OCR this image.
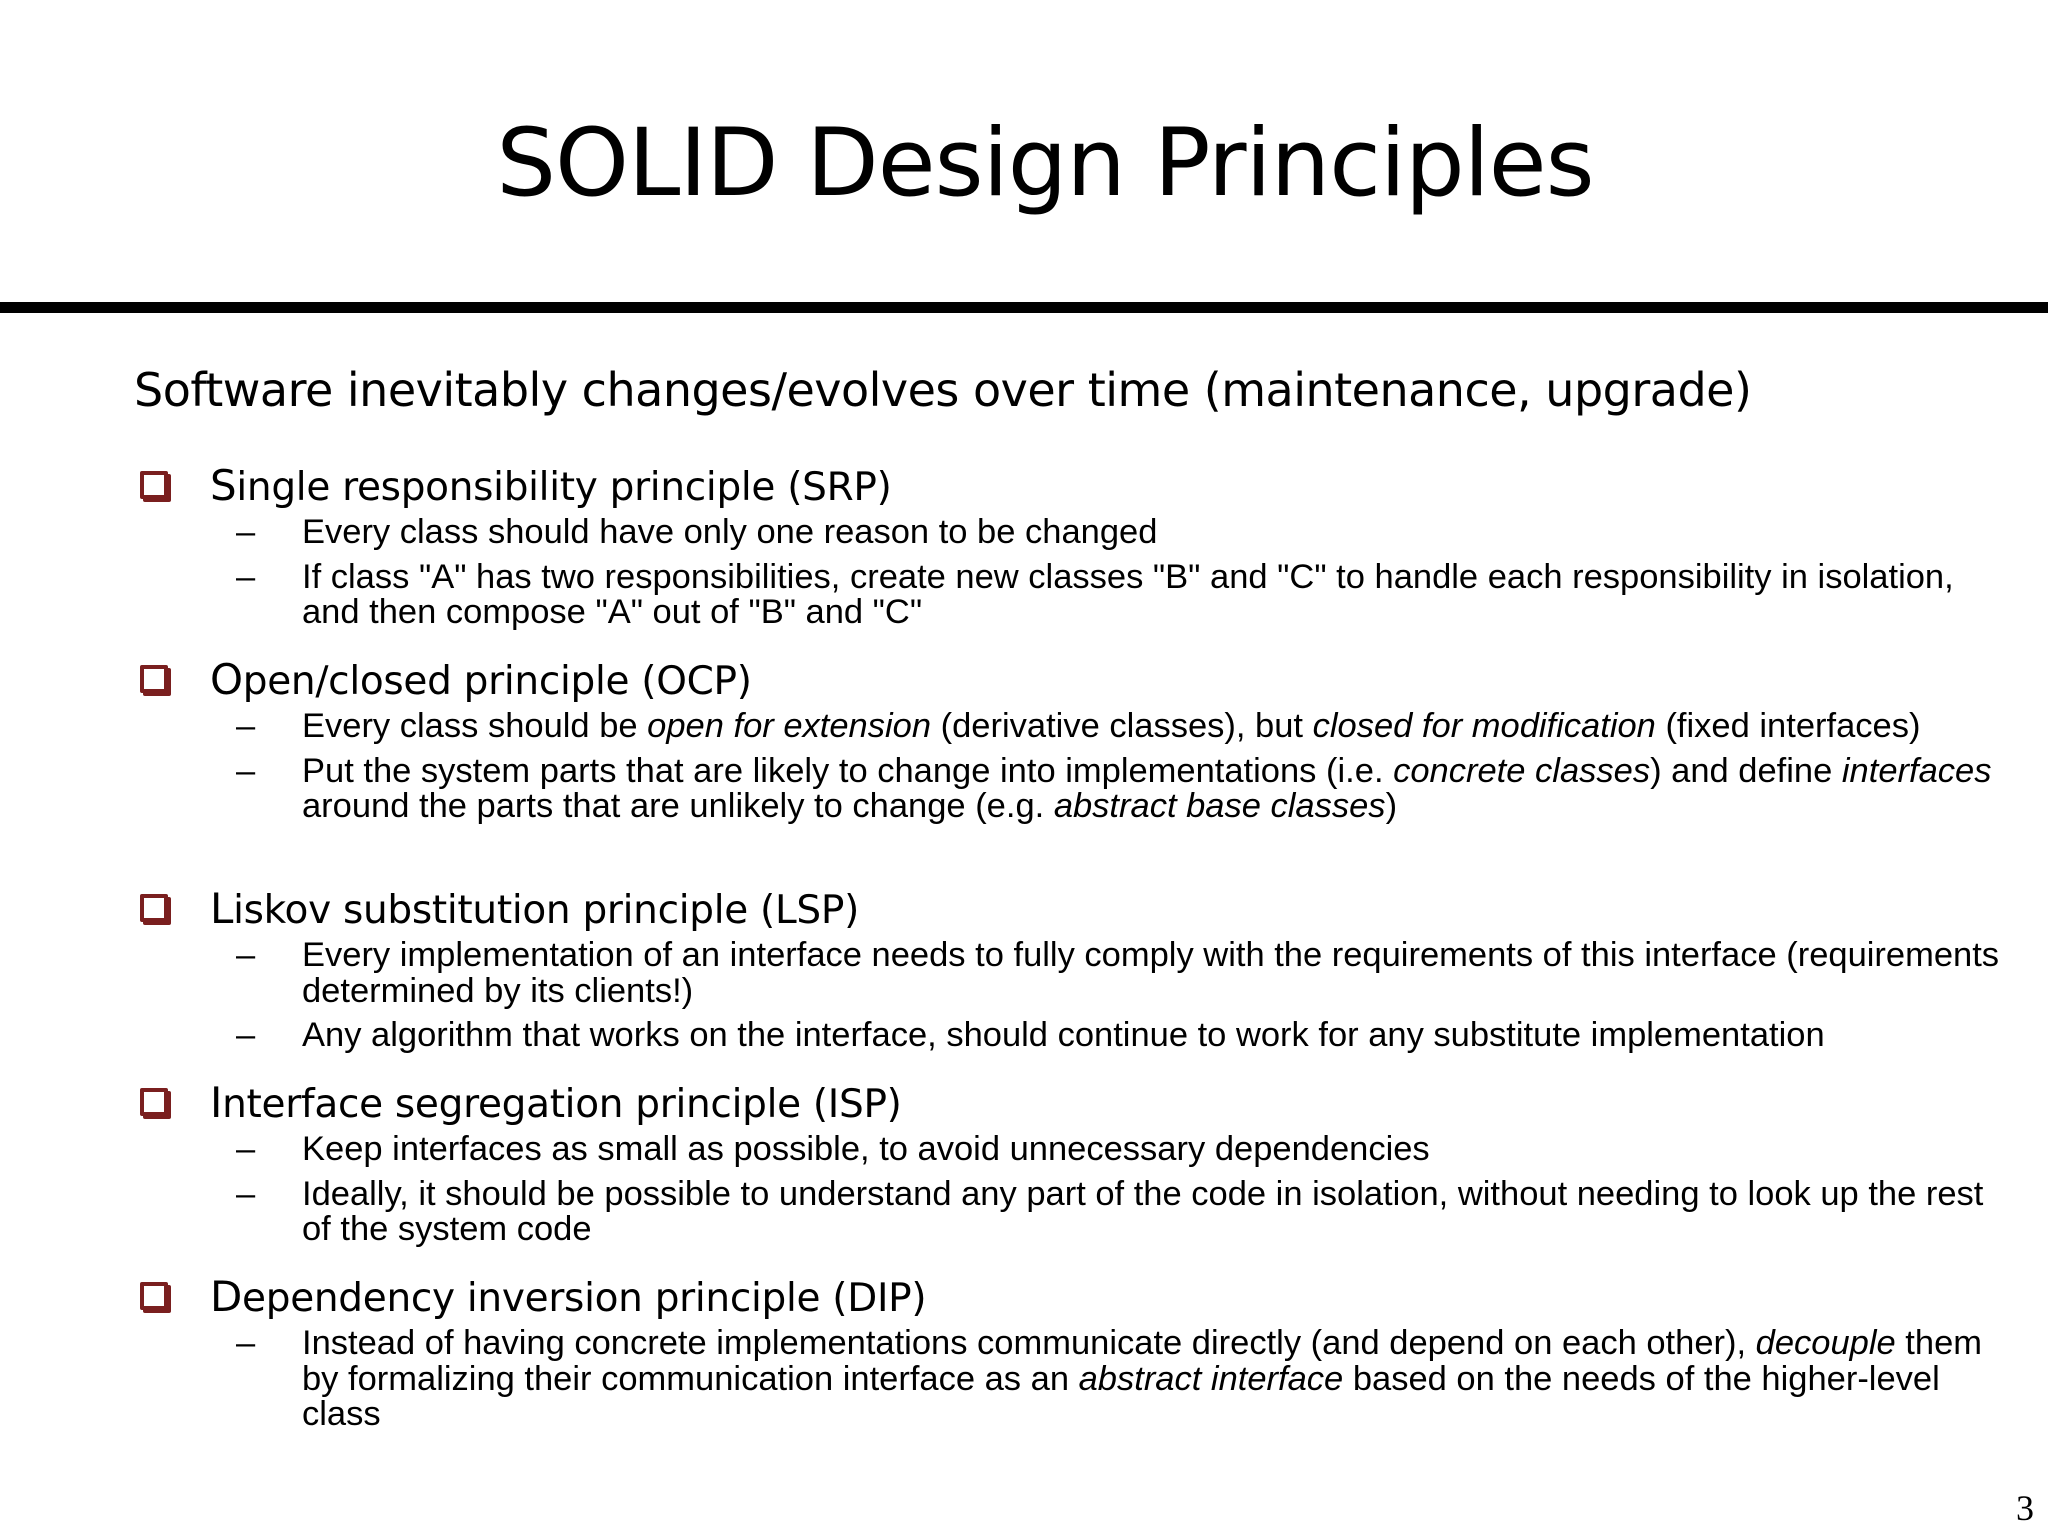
SOLID Design Principles
Software inevitably changes/evolves over time (maintenance, upgrade)
Single responsibility principle (SRP)
– Every class should have only one reason to be changed
– If class "A" has two responsibilities, create new classes "B" and "C" to handle each responsibility in isolation, and then compose "A" out of "B" and "C"
Open/closed principle (OCP)
– Every class should be open for extension (derivative classes), but closed for modification (fixed interfaces)
– Put the system parts that are likely to change into implementations (i.e. concrete classes) and define interfaces around the parts that are unlikely to change (e.g. abstract base classes)
Liskov substitution principle (LSP)
– Every implementation of an interface needs to fully comply with the requirements of this interface (requirements determined by its clients!)
– Any algorithm that works on the interface, should continue to work for any substitute implementation
Interface segregation principle (ISP)
– Keep interfaces as small as possible, to avoid unnecessary dependencies
– Ideally, it should be possible to understand any part of the code in isolation, without needing to look up the rest of the system code
Dependency inversion principle (DIP)
– Instead of having concrete implementations communicate directly (and depend on each other), decouple them by formalizing their communication interface as an abstract interface based on the needs of the higher-level class
3
